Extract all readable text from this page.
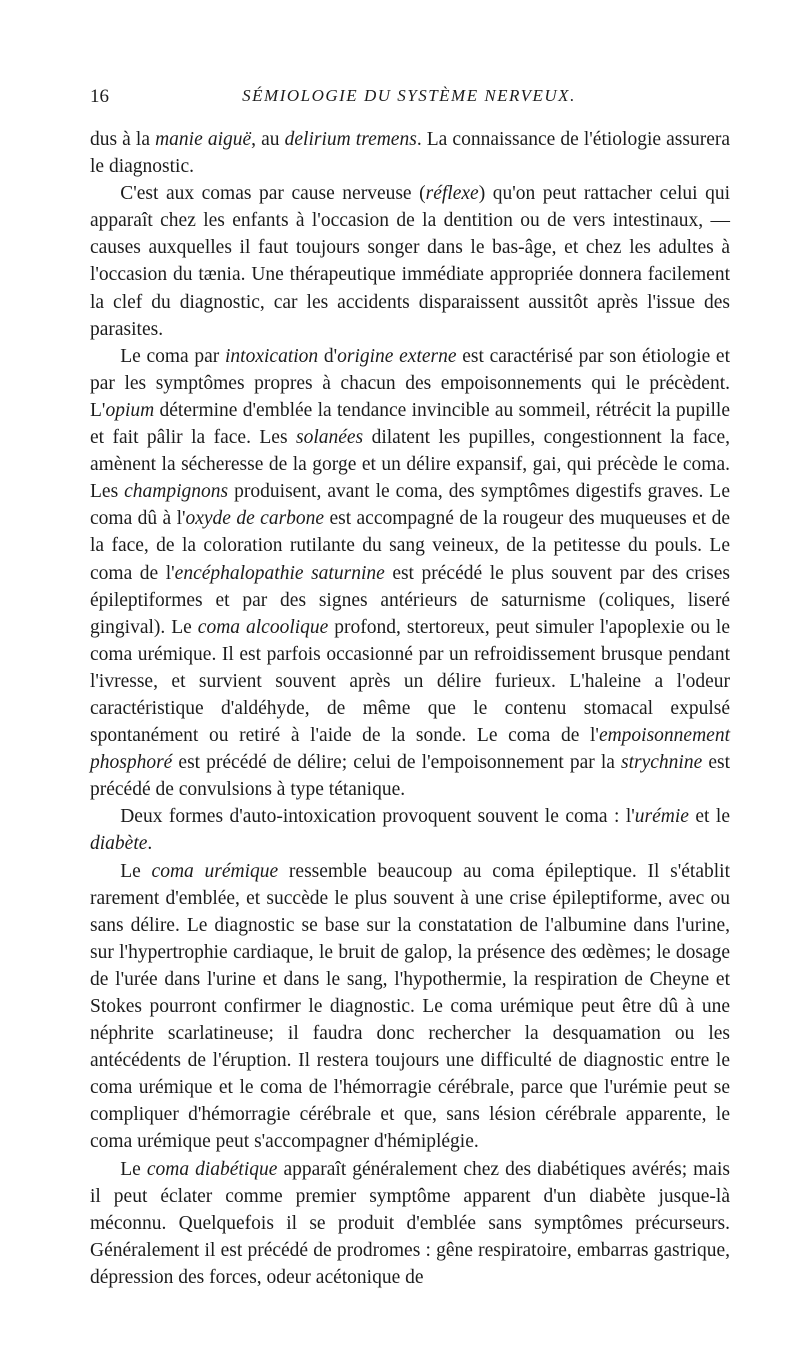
16	SÉMIOLOGIE DU SYSTÈME NERVEUX.

dus à la manie aiguë, au delirium tremens. La connaissance de l'étiologie assurera le diagnostic.

C'est aux comas par cause nerveuse (réflexe) qu'on peut rattacher celui qui apparaît chez les enfants à l'occasion de la dentition ou de vers intestinaux, — causes auxquelles il faut toujours songer dans le bas-âge, et chez les adultes à l'occasion du tænia. Une thérapeutique immédiate appropriée donnera facilement la clef du diagnostic, car les accidents disparaissent aussitôt après l'issue des parasites.

Le coma par intoxication d'origine externe est caractérisé par son étiologie et par les symptômes propres à chacun des empoisonnements qui le précèdent. L'opium détermine d'emblée la tendance invincible au sommeil, rétrécit la pupille et fait pâlir la face. Les solanées dilatent les pupilles, congestionnent la face, amènent la sécheresse de la gorge et un délire expansif, gai, qui précède le coma. Les champignons produisent, avant le coma, des symptômes digestifs graves. Le coma dû à l'oxyde de carbone est accompagné de la rougeur des muqueuses et de la face, de la coloration rutilante du sang veineux, de la petitesse du pouls. Le coma de l'encéphalopathie saturnine est précédé le plus souvent par des crises épileptiformes et par des signes antérieurs de saturnisme (coliques, liseré gingival). Le coma alcoolique profond, stertoreux, peut simuler l'apoplexie ou le coma urémique. Il est parfois occasionné par un refroidissement brusque pendant l'ivresse, et survient souvent après un délire furieux. L'haleine a l'odeur caractéristique d'aldéhyde, de même que le contenu stomacal expulsé spontanément ou retiré à l'aide de la sonde. Le coma de l'empoisonnement phosphoré est précédé de délire; celui de l'empoisonnement par la strychnine est précédé de convulsions à type tétanique.

Deux formes d'auto-intoxication provoquent souvent le coma : l'urémie et le diabète.

Le coma urémique ressemble beaucoup au coma épileptique. Il s'établit rarement d'emblée, et succède le plus souvent à une crise épileptiforme, avec ou sans délire. Le diagnostic se base sur la constatation de l'albumine dans l'urine, sur l'hypertrophie cardiaque, le bruit de galop, la présence des œdèmes; le dosage de l'urée dans l'urine et dans le sang, l'hypothermie, la respiration de Cheyne et Stokes pourront confirmer le diagnostic. Le coma urémique peut être dû à une néphrite scarlatineuse; il faudra donc rechercher la desquamation ou les antécédents de l'éruption. Il restera toujours une difficulté de diagnostic entre le coma urémique et le coma de l'hémorragie cérébrale, parce que l'urémie peut se compliquer d'hémorragie cérébrale et que, sans lésion cérébrale apparente, le coma urémique peut s'accompagner d'hémiplégie.

Le coma diabétique apparaît généralement chez des diabétiques avérés; mais il peut éclater comme premier symptôme apparent d'un diabète jusque-là méconnu. Quelquefois il se produit d'emblée sans symptômes précurseurs. Généralement il est précédé de prodromes : gêne respiratoire, embarras gastrique, dépression des forces, odeur acétonique de
